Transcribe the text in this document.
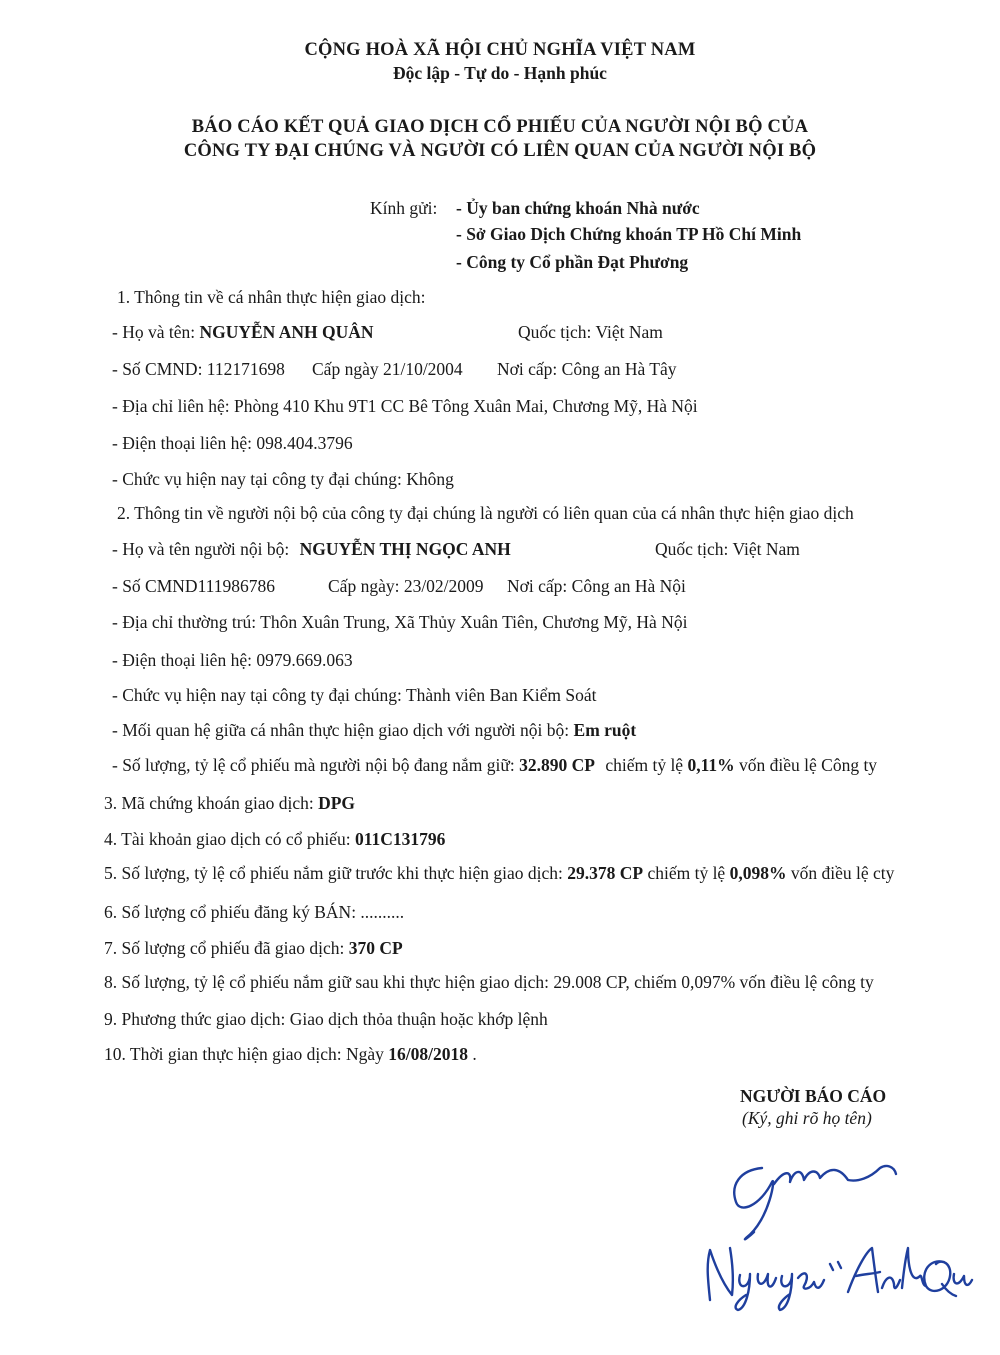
CỘNG HOÀ XÃ HỘI CHỦ NGHĨA VIỆT NAM
Độc lập - Tự do - Hạnh phúc
BÁO CÁO KẾT QUẢ GIAO DỊCH CỔ PHIẾU CỦA NGƯỜI NỘI BỘ CỦA
CÔNG TY ĐẠI CHÚNG VÀ NGƯỜI CÓ LIÊN QUAN CỦA NGƯỜI NỘI BỘ
Kính gửi: - Ủy ban chứng khoán Nhà nước
- Sở Giao Dịch Chứng khoán TP Hồ Chí Minh
- Công ty Cổ phần Đạt Phương
1. Thông tin về cá nhân thực hiện giao dịch:
- Họ và tên: NGUYỄN ANH QUÂN	Quốc tịch: Việt Nam
- Số CMND: 112171698 Cấp ngày 21/10/2004 Nơi cấp: Công an Hà Tây
- Địa chỉ liên hệ: Phòng 410 Khu 9T1 CC Bê Tông Xuân Mai, Chương Mỹ, Hà Nội
- Điện thoại liên hệ: 098.404.3796
- Chức vụ hiện nay tại công ty đại chúng: Không
2. Thông tin về người nội bộ của công ty đại chúng là người có liên quan của cá nhân thực hiện giao dịch
- Họ và tên người nội bộ: NGUYỄN THỊ NGỌC ANH	Quốc tịch: Việt Nam
- Số CMND111986786	Cấp ngày: 23/02/2009 Nơi cấp: Công an Hà Nội
- Địa chỉ thường trú: Thôn Xuân Trung, Xã Thủy Xuân Tiên, Chương Mỹ, Hà Nội
- Điện thoại liên hệ: 0979.669.063
- Chức vụ hiện nay tại công ty đại chúng: Thành viên Ban Kiểm Soát
- Mối quan hệ giữa cá nhân thực hiện giao dịch với người nội bộ: Em ruột
- Số lượng, tỷ lệ cổ phiếu mà người nội bộ đang nắm giữ: 32.890 CP chiếm tỷ lệ 0,11% vốn điều lệ Công ty
3. Mã chứng khoán giao dịch: DPG
4. Tài khoản giao dịch có cổ phiếu: 011C131796
5. Số lượng, tỷ lệ cổ phiếu nắm giữ trước khi thực hiện giao dịch: 29.378 CP chiếm tỷ lệ 0,098% vốn điều lệ cty
6. Số lượng cổ phiếu đăng ký BÁN: ..........
7. Số lượng cổ phiếu đã giao dịch: 370 CP
8. Số lượng, tỷ lệ cổ phiếu nắm giữ sau khi thực hiện giao dịch: 29.008 CP, chiếm 0,097% vốn điều lệ công ty
9. Phương thức giao dịch: Giao dịch thỏa thuận hoặc khớp lệnh
10. Thời gian thực hiện giao dịch: Ngày 16/08/2018 .
NGƯỜI BÁO CÁO
(Ký, ghi rõ họ tên)
